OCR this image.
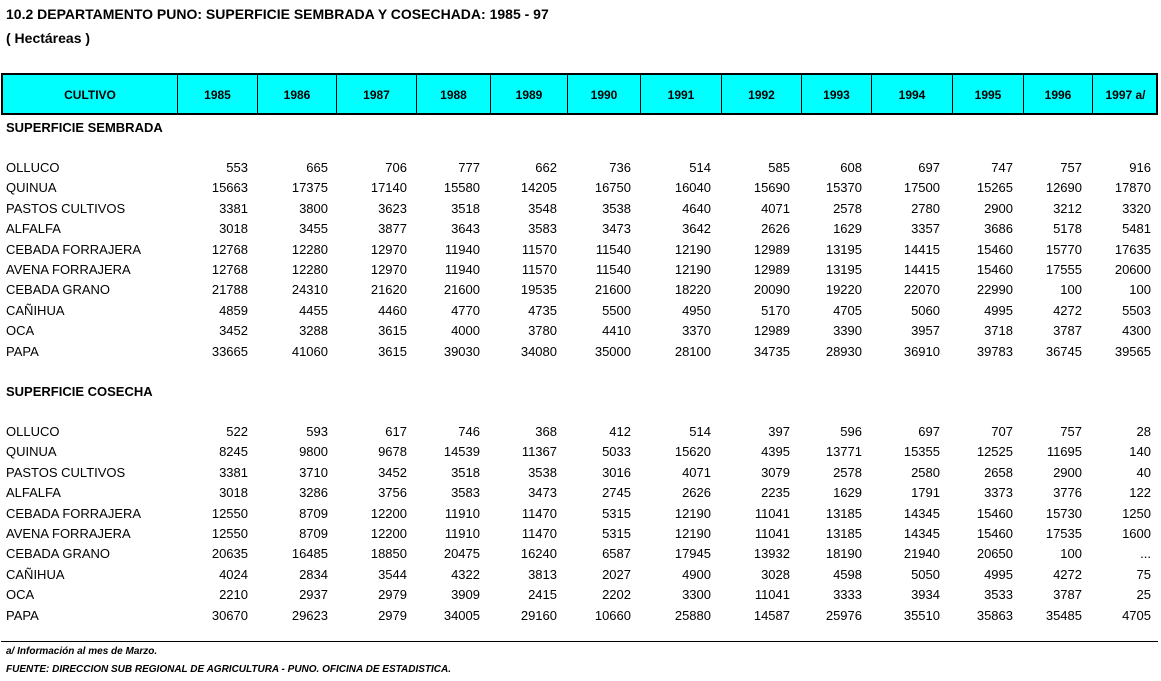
10.2 DEPARTAMENTO PUNO: SUPERFICIE SEMBRADA Y COSECHADA: 1985 - 97
( Hectáreas )
CULTIVO	1985	1986	1987	1988	1989	1990	1991	1992	1993	1994	1995	1996	1997 a/
SUPERFICIE SEMBRADA
OLLUCO	553	665	706	777	662	736	514	585	608	697	747	757	916
QUINUA	15663	17375	17140	15580	14205	16750	16040	15690	15370	17500	15265	12690	17870
PASTOS CULTIVOS	3381	3800	3623	3518	3548	3538	4640	4071	2578	2780	2900	3212	3320
ALFALFA	3018	3455	3877	3643	3583	3473	3642	2626	1629	3357	3686	5178	5481
CEBADA FORRAJERA	12768	12280	12970	11940	11570	11540	12190	12989	13195	14415	15460	15770	17635
AVENA FORRAJERA	12768	12280	12970	11940	11570	11540	12190	12989	13195	14415	15460	17555	20600
CEBADA GRANO	21788	24310	21620	21600	19535	21600	18220	20090	19220	22070	22990	100	100
CAÑIHUA	4859	4455	4460	4770	4735	5500	4950	5170	4705	5060	4995	4272	5503
OCA	3452	3288	3615	4000	3780	4410	3370	12989	3390	3957	3718	3787	4300
PAPA	33665	41060	3615	39030	34080	35000	28100	34735	28930	36910	39783	36745	39565
SUPERFICIE COSECHA
OLLUCO	522	593	617	746	368	412	514	397	596	697	707	757	28
QUINUA	8245	9800	9678	14539	11367	5033	15620	4395	13771	15355	12525	11695	140
PASTOS CULTIVOS	3381	3710	3452	3518	3538	3016	4071	3079	2578	2580	2658	2900	40
ALFALFA	3018	3286	3756	3583	3473	2745	2626	2235	1629	1791	3373	3776	122
CEBADA FORRAJERA	12550	8709	12200	11910	11470	5315	12190	11041	13185	14345	15460	15730	1250
AVENA FORRAJERA	12550	8709	12200	11910	11470	5315	12190	11041	13185	14345	15460	17535	1600
CEBADA GRANO	20635	16485	18850	20475	16240	6587	17945	13932	18190	21940	20650	100	...
CAÑIHUA	4024	2834	3544	4322	3813	2027	4900	3028	4598	5050	4995	4272	75
OCA	2210	2937	2979	3909	2415	2202	3300	11041	3333	3934	3533	3787	25
PAPA	30670	29623	2979	34005	29160	10660	25880	14587	25976	35510	35863	35485	4705
a/ Información al mes de Marzo.
FUENTE: DIRECCION SUB REGIONAL DE AGRICULTURA - PUNO. OFICINA DE ESTADISTICA.
